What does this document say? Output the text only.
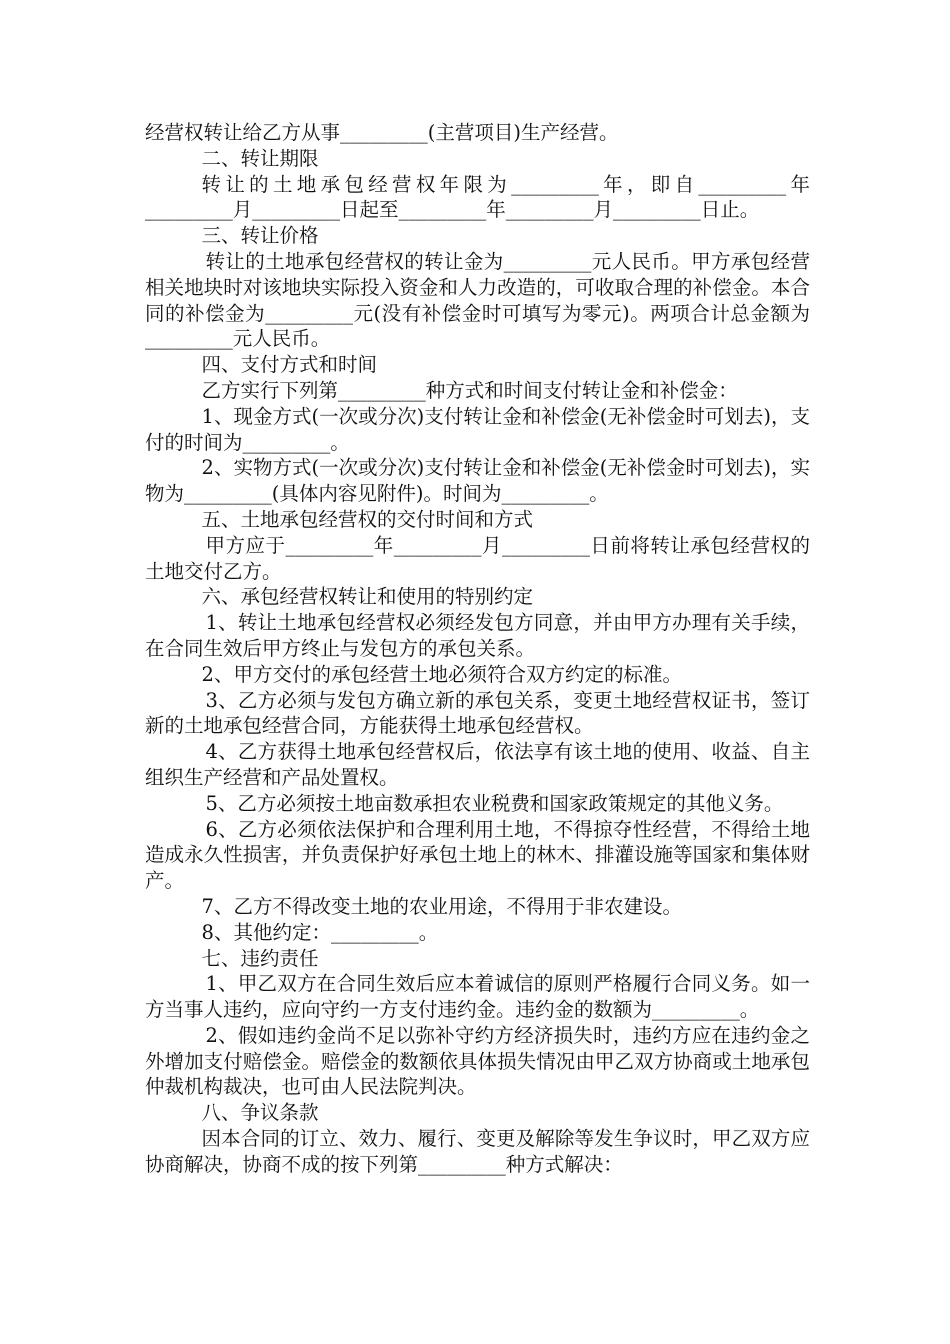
经营权转让给乙方从事_________(主营项目)生产经营。

二、转让期限

转让的土地承包经营权年限为_________年，即自_________年_________月_________日起至_________年_________月_________日止。

三、转让价格

转让的土地承包经营权的转让金为_________元人民币。甲方承包经营相关地块时对该地块实际投入资金和人力改造的，可收取合理的补偿金。本合同的补偿金为_________元(没有补偿金时可填写为零元)。两项合计总金额为_________元人民币。

四、支付方式和时间

乙方实行下列第_________种方式和时间支付转让金和补偿金：

1、现金方式(一次或分次)支付转让金和补偿金(无补偿金时可划去)，支付的时间为_________。

2、实物方式(一次或分次)支付转让金和补偿金(无补偿金时可划去)，实物为_________(具体内容见附件)。时间为_________。

五、土地承包经营权的交付时间和方式

甲方应于_________年_________月_________日前将转让承包经营权的土地交付乙方。

六、承包经营权转让和使用的特别约定

1、转让土地承包经营权必须经发包方同意，并由甲方办理有关手续，在合同生效后甲方终止与发包方的承包关系。

2、甲方交付的承包经营土地必须符合双方约定的标准。

3、乙方必须与发包方确立新的承包关系，变更土地经营权证书，签订新的土地承包经营合同，方能获得土地承包经营权。

4、乙方获得土地承包经营权后，依法享有该土地的使用、收益、自主组织生产经营和产品处置权。

5、乙方必须按土地亩数承担农业税费和国家政策规定的其他义务。

6、乙方必须依法保护和合理利用土地，不得掠夺性经营，不得给土地造成永久性损害，并负责保护好承包土地上的林木、排灌设施等国家和集体财产。

7、乙方不得改变土地的农业用途，不得用于非农建设。

8、其他约定：_________。

七、违约责任

1、甲乙双方在合同生效后应本着诚信的原则严格履行合同义务。如一方当事人违约，应向守约一方支付违约金。违约金的数额为_________。

2、假如违约金尚不足以弥补守约方经济损失时，违约方应在违约金之外增加支付赔偿金。赔偿金的数额依具体损失情况由甲乙双方协商或土地承包仲裁机构裁决，也可由人民法院判决。

八、争议条款

因本合同的订立、效力、履行、变更及解除等发生争议时，甲乙双方应协商解决，协商不成的按下列第_________种方式解决：
